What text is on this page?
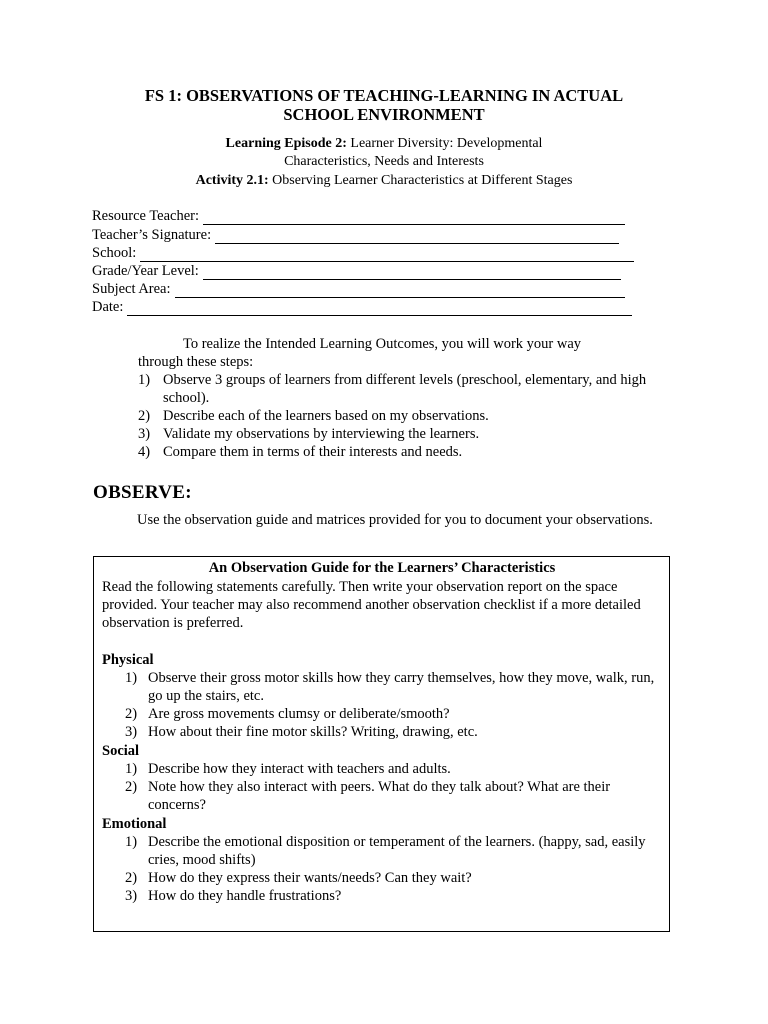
FS 1: OBSERVATIONS OF TEACHING-LEARNING IN ACTUAL
SCHOOL ENVIRONMENT
Learning Episode 2: Learner Diversity: Developmental
Characteristics, Needs and Interests
Activity 2.1: Observing Learner Characteristics at Different Stages
Resource Teacher:
Teacher’s Signature:
School:
Grade/Year Level:
Subject Area:
Date:
To realize the Intended Learning Outcomes, you will work your way
through these steps:
1) Observe 3 groups of learners from different levels (preschool, elementary, and high school).
2) Describe each of the learners based on my observations.
3) Validate my observations by interviewing the learners.
4) Compare them in terms of their interests and needs.
OBSERVE:
Use the observation guide and matrices provided for you to document your observations.
An Observation Guide for the Learners’ Characteristics
Read the following statements carefully. Then write your observation report on the space provided. Your teacher may also recommend another observation checklist if a more detailed observation is preferred.
Physical
1) Observe their gross motor skills how they carry themselves, how they move, walk, run, go up the stairs, etc.
2) Are gross movements clumsy or deliberate/smooth?
3) How about their fine motor skills? Writing, drawing, etc.
Social
1) Describe how they interact with teachers and adults.
2) Note how they also interact with peers. What do they talk about? What are their concerns?
Emotional
1) Describe the emotional disposition or temperament of the learners. (happy, sad, easily cries, mood shifts)
2) How do they express their wants/needs? Can they wait?
3) How do they handle frustrations?
